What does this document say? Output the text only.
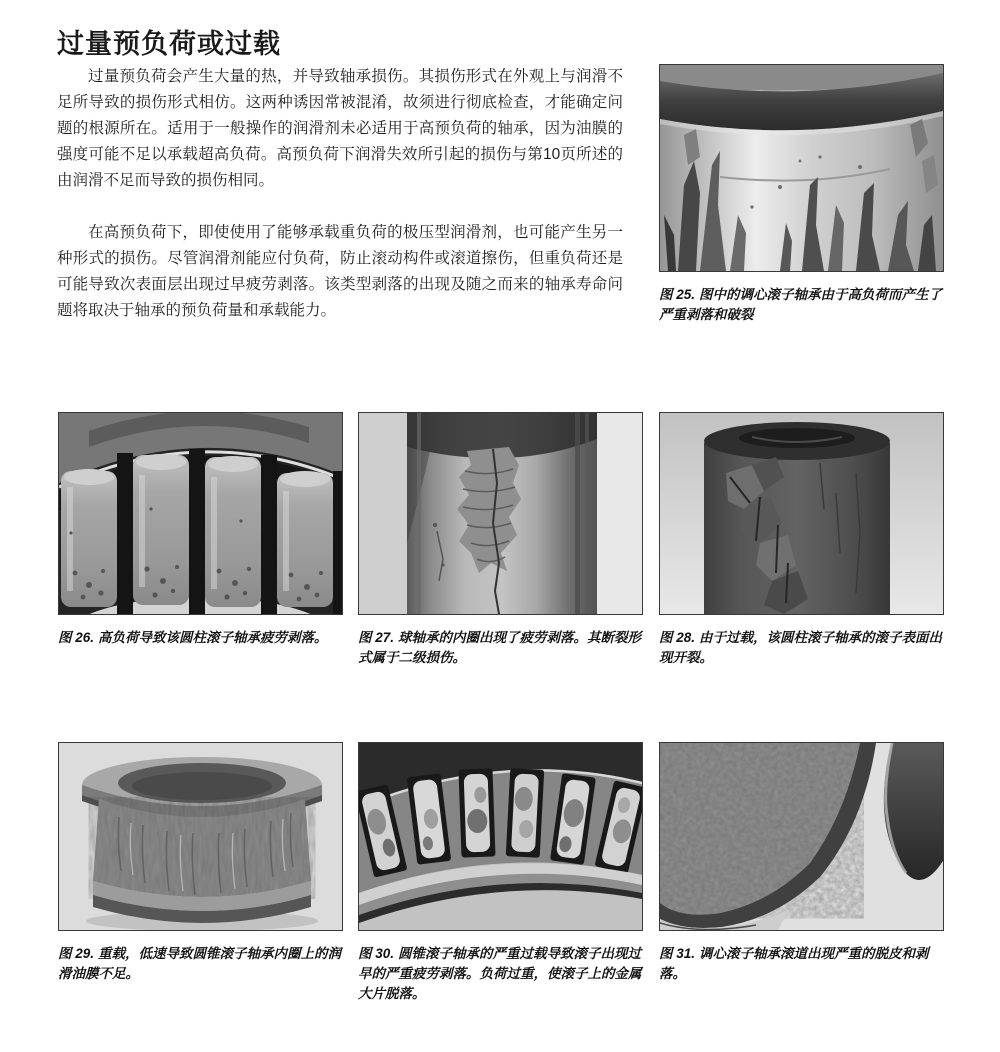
过量预负荷或过载

过量预负荷会产生大量的热，并导致轴承损伤。其损伤形式在外观上与润滑不足所导致的损伤形式相仿。这两种诱因常被混淆，故须进行彻底检查，才能确定问题的根源所在。适用于一般操作的润滑剂未必适用于高预负荷的轴承，因为油膜的强度可能不足以承载超高负荷。高预负荷下润滑失效所引起的损伤与第10页所述的由润滑不足而导致的损伤相同。

在高预负荷下，即使使用了能够承载重负荷的极压型润滑剂，也可能产生另一种形式的损伤。尽管润滑剂能应付负荷，防止滚动构件或滚道擦伤，但重负荷还是可能导致次表面层出现过早疲劳剥落。该类型剥落的出现及随之而来的轴承寿命问题将取决于轴承的预负荷量和承载能力。

图 25. 图中的调心滚子轴承由于高负荷而产生了严重剥落和破裂
图 26. 高负荷导致该圆柱滚子轴承疲劳剥落。	图 27. 球轴承的内圈出现了疲劳剥落。其断裂形式属于二级损伤。
图 28. 由于过载，该圆柱滚子轴承的滚子表面出现开裂。
图 29. 重载，低速导致圆锥滚子轴承内圈上的润滑油膜不足。
图 30. 圆锥滚子轴承的严重过载导致滚子出现过早的严重疲劳剥落。负荷过重，使滚子上的金属大片脱落。
图 31. 调心滚子轴承滚道出现严重的脱皮和剥落。
